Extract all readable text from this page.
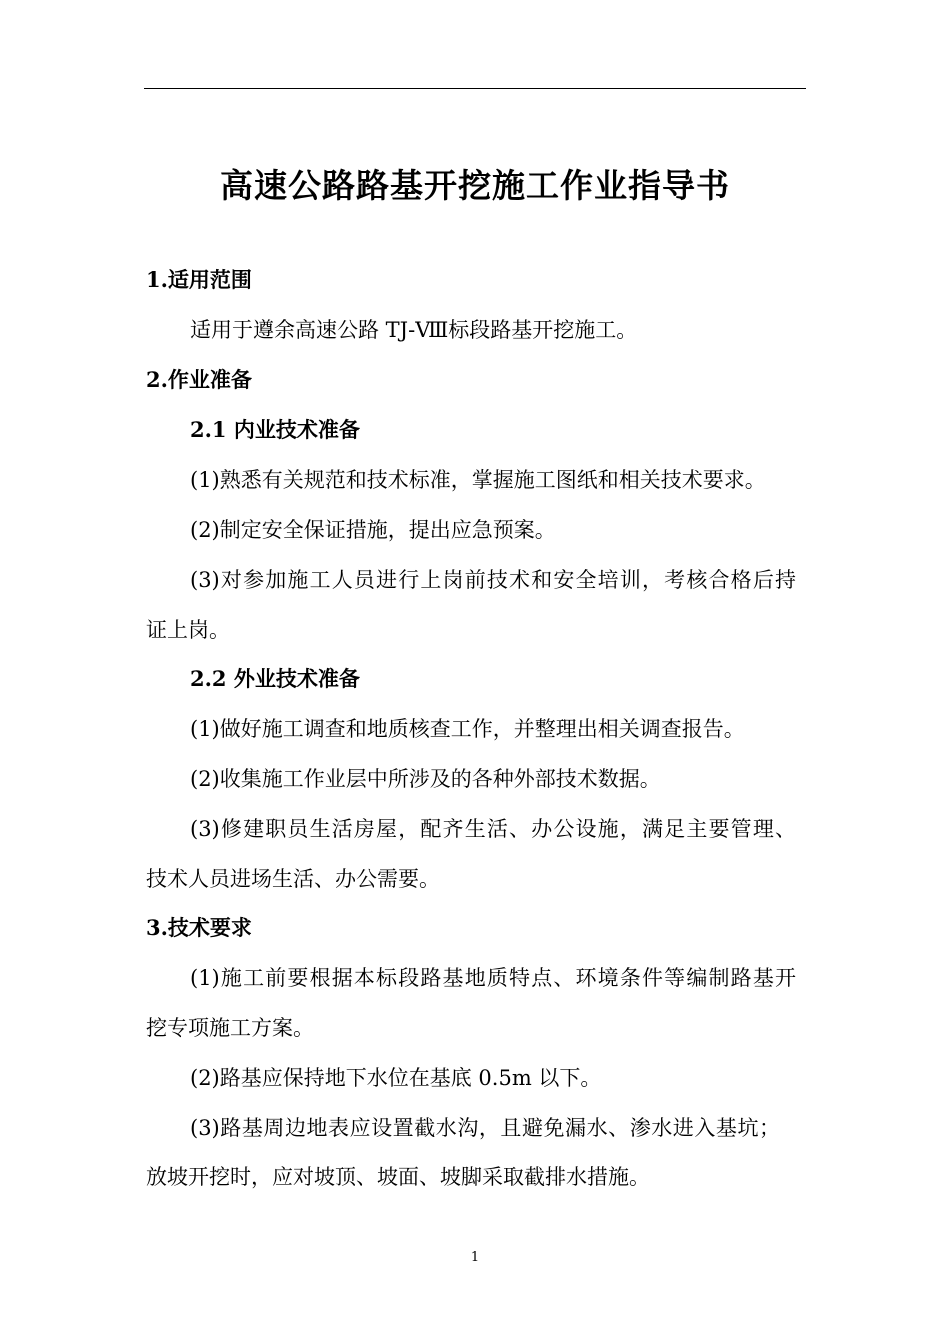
高速公路路基开挖施工作业指导书
1.适用范围
适用于遵余高速公路 TJ-Ⅷ标段路基开挖施工。
2.作业准备
2.1 内业技术准备
(1)熟悉有关规范和技术标准，掌握施工图纸和相关技术要求。
(2)制定安全保证措施，提出应急预案。
(3)对参加施工人员进行上岗前技术和安全培训，考核合格后持
证上岗。
2.2 外业技术准备
(1)做好施工调查和地质核查工作，并整理出相关调查报告。
(2)收集施工作业层中所涉及的各种外部技术数据。
(3)修建职员生活房屋，配齐生活、办公设施，满足主要管理、
技术人员进场生活、办公需要。
3.技术要求
(1)施工前要根据本标段路基地质特点、环境条件等编制路基开
挖专项施工方案。
(2)路基应保持地下水位在基底 0.5m 以下。
(3)路基周边地表应设置截水沟，且避免漏水、渗水进入基坑；
放坡开挖时，应对坡顶、坡面、坡脚采取截排水措施。
1
